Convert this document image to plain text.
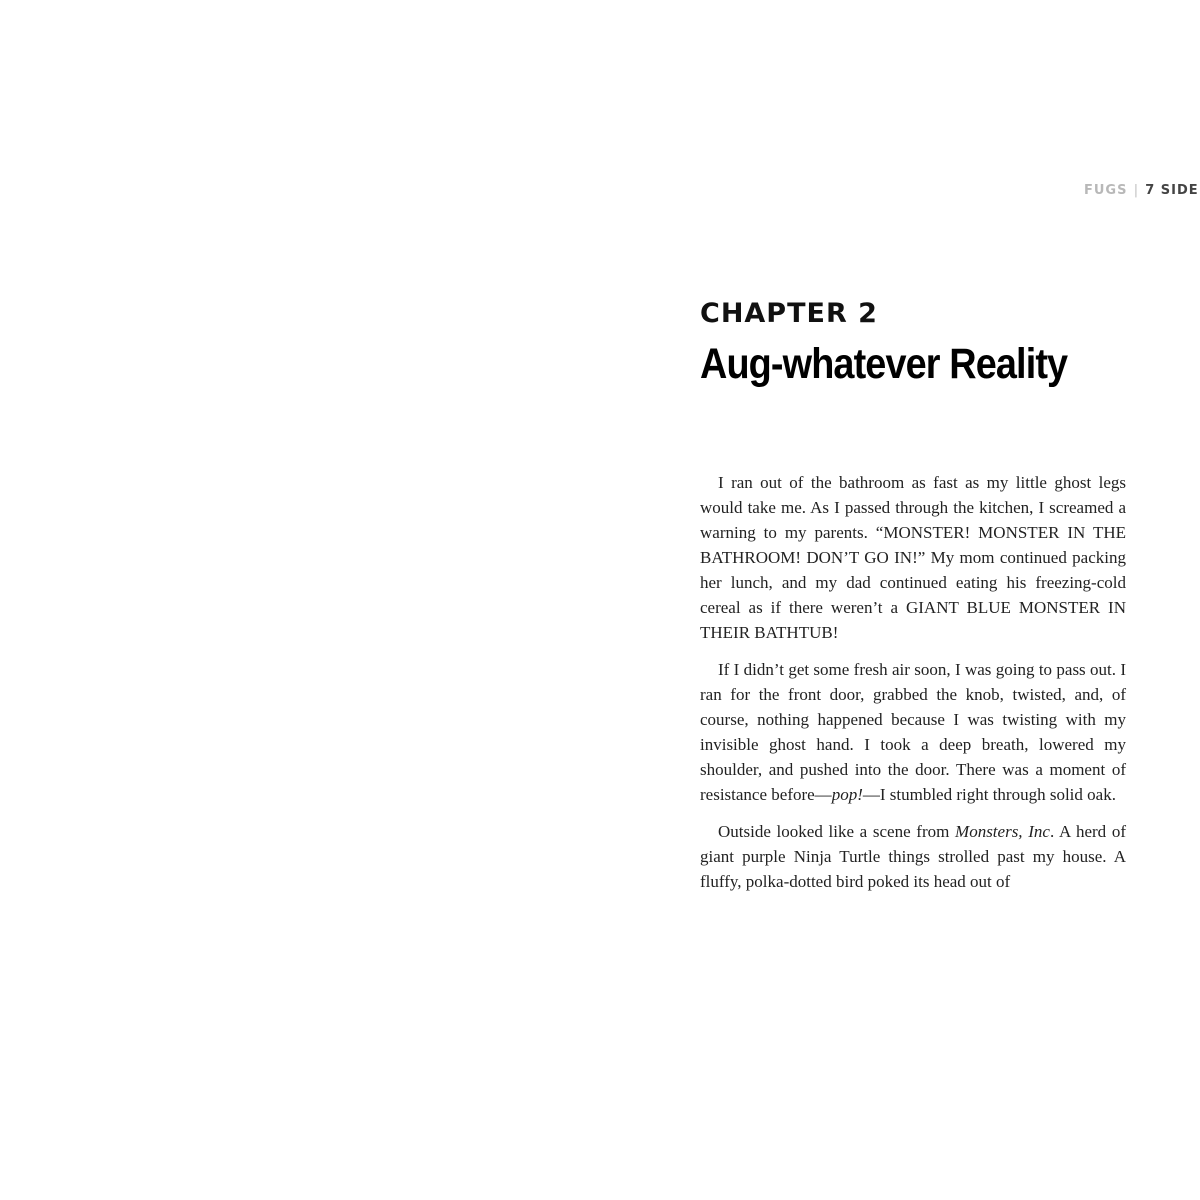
FUGS | 7 SIDE
CHAPTER 2
Aug-whatever Reality

I ran out of the bathroom as fast as my little ghost legs would take me. As I passed through the kitchen, I screamed a warning to my parents. “MONSTER! MONSTER IN THE BATHROOM! DON’T GO IN!” My mom continued packing her lunch, and my dad continued eating his freezing-cold cereal as if there weren’t a GIANT BLUE MONSTER IN THEIR BATHTUB!

If I didn’t get some fresh air soon, I was going to pass out. I ran for the front door, grabbed the knob, twisted, and, of course, nothing happened because I was twisting with my invisible ghost hand. I took a deep breath, lowered my shoulder, and pushed into the door. There was a moment of resistance before—pop!—I stumbled right through solid oak.

Outside looked like a scene from Monsters, Inc. A herd of giant purple Ninja Turtle things strolled past my house. A fluffy, polka-dotted bird poked its head out of
